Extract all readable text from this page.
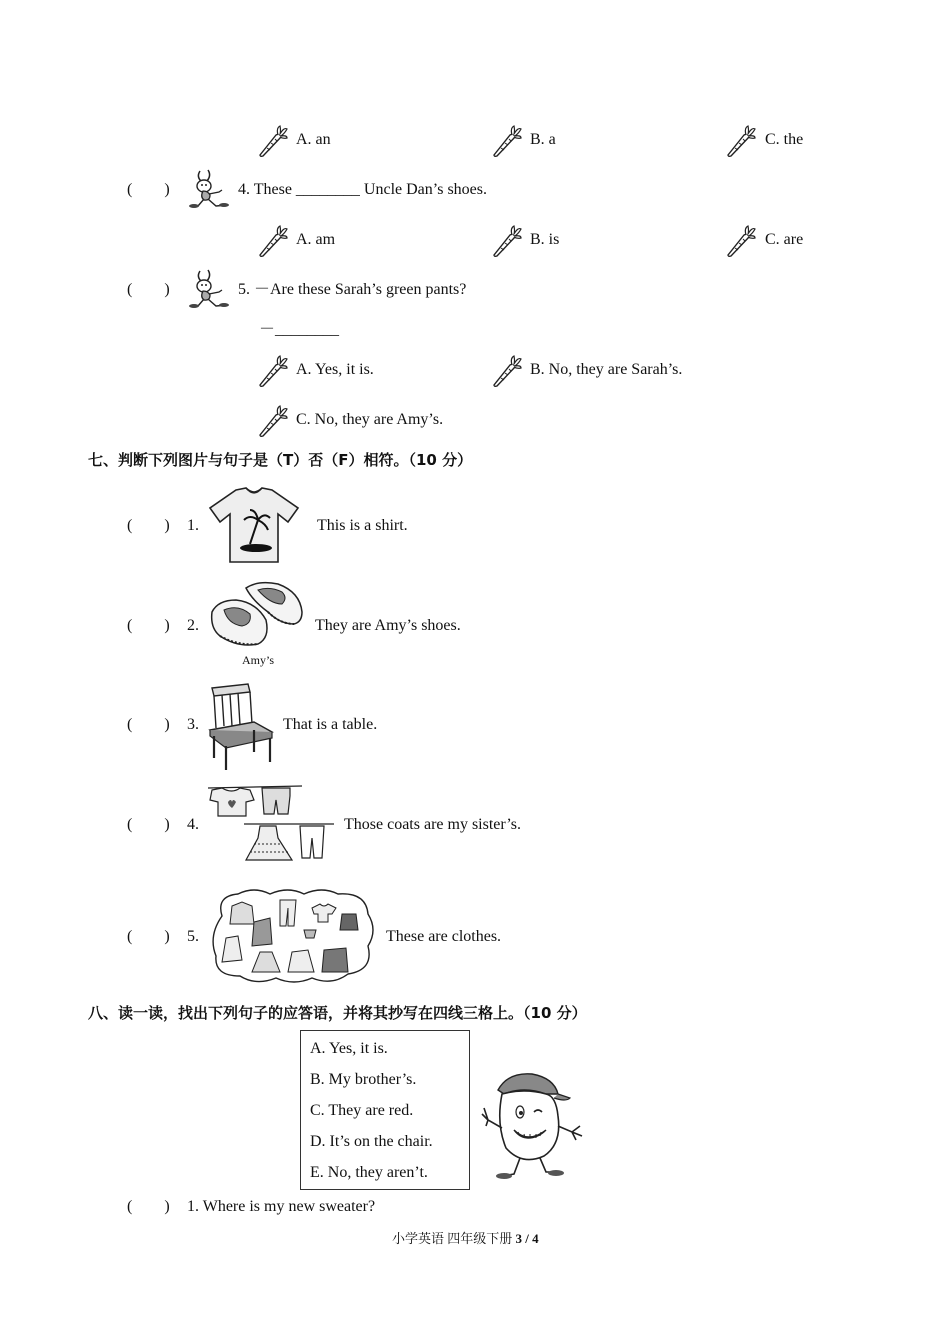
A. an	B. a	C. the
(　　)	4. These ________ Uncle Dan’s shoes.
A. am	B. is	C. are
(　　)	5. －Are these Sarah’s green pants?
－________
A. Yes, it is.	B. No, they are Sarah’s.
C. No, they are Amy’s.
七、判断下列图片与句子是（T）否（F）相符。（10 分）
(　　) 1.	This is a shirt.
(　　) 2.
Amy’s
They are Amy’s shoes.
(　　) 3.	That is a table.
(　　) 4.	Those coats are my sister’s.
(　　) 5.	These are clothes.
八、读一读，找出下列句子的应答语，并将其抄写在四线三格上。（10 分）
A. Yes, it is.
B. My brother’s.
C. They are red.
D. It’s on the chair.
E. No, they aren’t.
(　　) 1. Where is my new sweater?
小学英语 四年级下册 3 / 4
